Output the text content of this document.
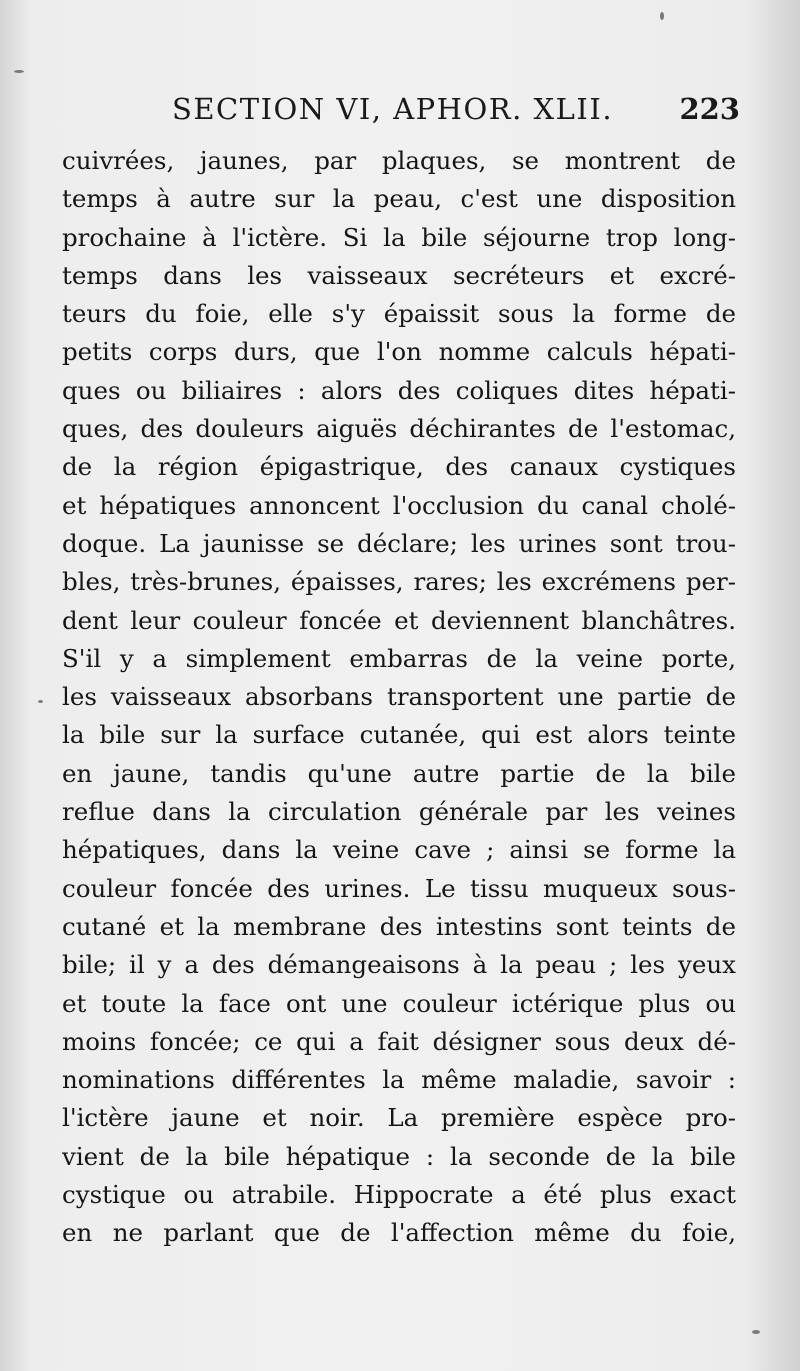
SECTION VI, APHOR. XLII. 223
cuivrées, jaunes, par plaques, se montrent de
temps à autre sur la peau, c'est une disposition
prochaine à l'ictère. Si la bile séjourne trop long-
temps dans les vaisseaux secréteurs et excré-
teurs du foie, elle s'y épaissit sous la forme de
petits corps durs, que l'on nomme calculs hépati-
ques ou biliaires : alors des coliques dites hépati-
ques, des douleurs aiguës déchirantes de l'estomac,
de la région épigastrique, des canaux cystiques
et hépatiques annoncent l'occlusion du canal cholé-
doque. La jaunisse se déclare; les urines sont trou-
bles, très-brunes, épaisses, rares; les excrémens per-
dent leur couleur foncée et deviennent blanchâtres.
S'il y a simplement embarras de la veine porte,
les vaisseaux absorbans transportent une partie de
la bile sur la surface cutanée, qui est alors teinte
en jaune, tandis qu'une autre partie de la bile
reflue dans la circulation générale par les veines
hépatiques, dans la veine cave ; ainsi se forme la
couleur foncée des urines. Le tissu muqueux sous-
cutané et la membrane des intestins sont teints de
bile; il y a des démangeaisons à la peau ; les yeux
et toute la face ont une couleur ictérique plus ou
moins foncée; ce qui a fait désigner sous deux dé-
nominations différentes la même maladie, savoir :
l'ictère jaune et noir. La première espèce pro-
vient de la bile hépatique : la seconde de la bile
cystique ou atrabile. Hippocrate a été plus exact
en ne parlant que de l'affection même du foie,
